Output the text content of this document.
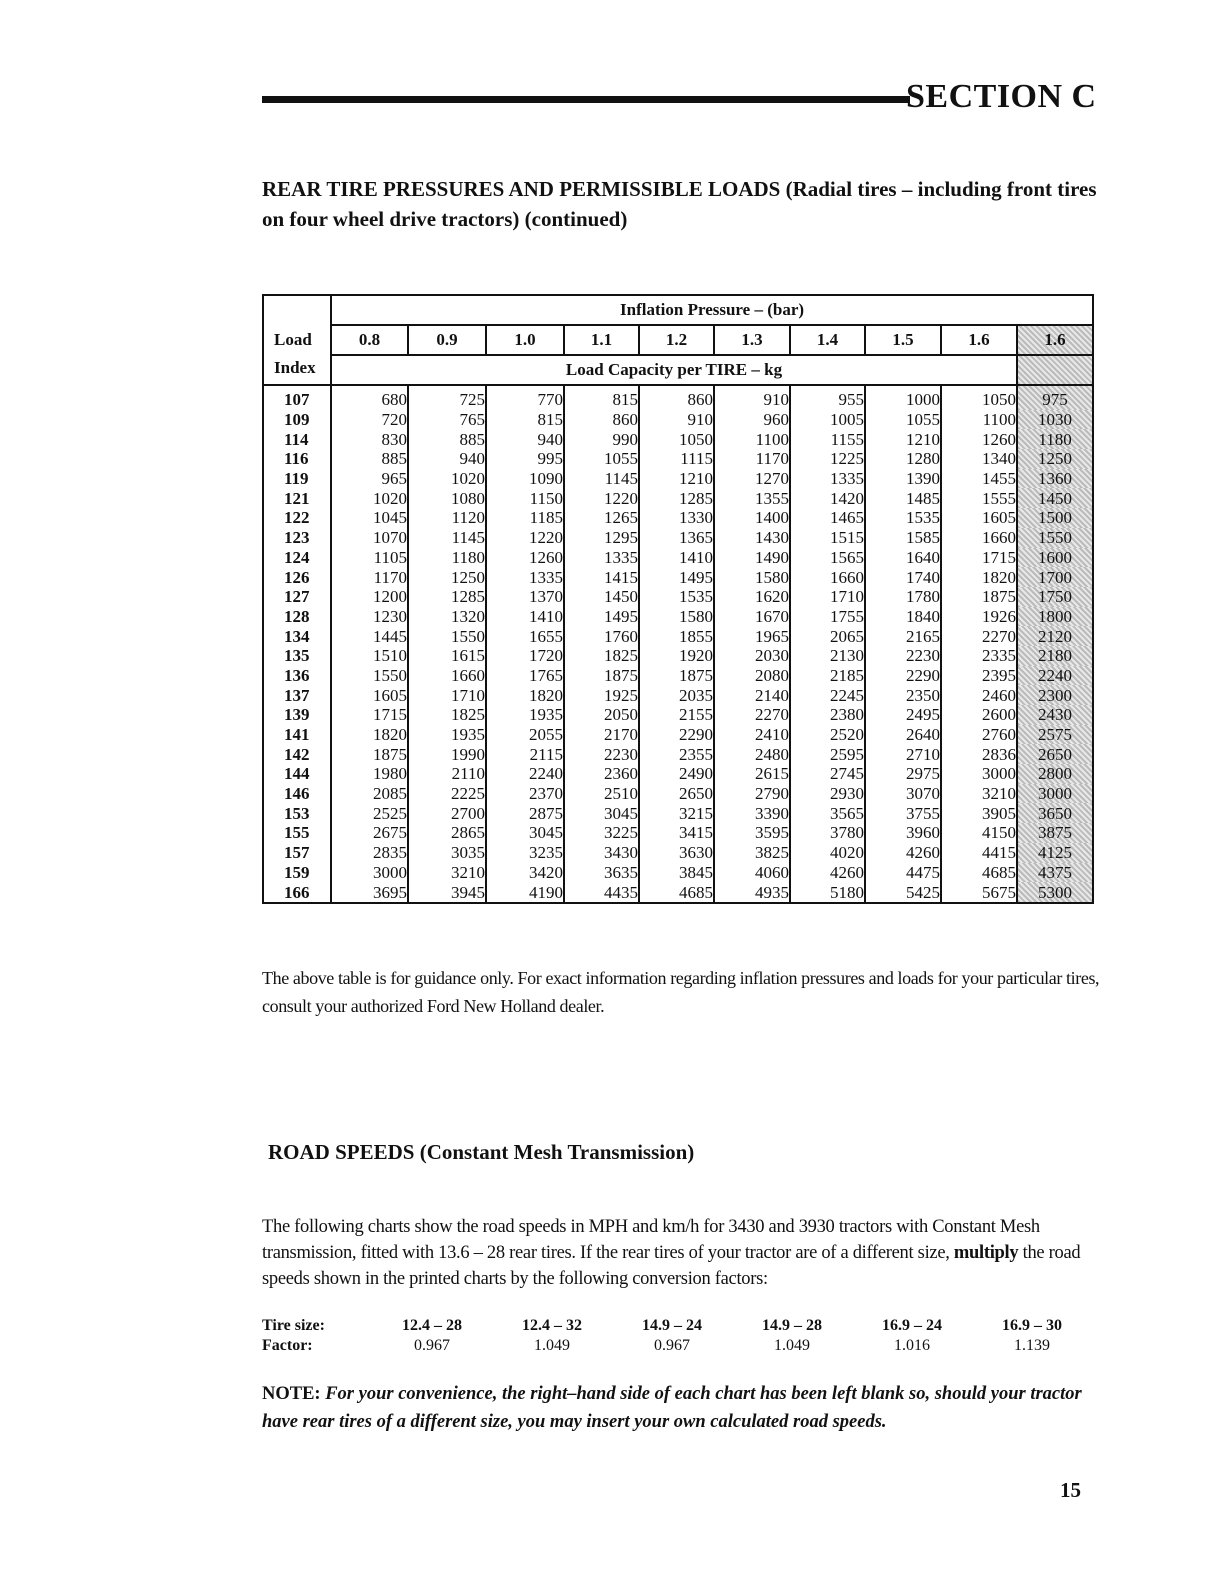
SECTION C
REAR TIRE PRESSURES AND PERMISSIBLE LOADS (Radial tires – including front tires on four wheel drive tractors) (continued)
Load
Index	Inflation Pressure – (bar)									
	0.8	0.9	1.0	1.1	1.2	1.3	1.4	1.5	1.6	1.6
	Load Capacity per TIRE – kg									
107	680	725	770	815	860	910	955	1000	1050	975
109	720	765	815	860	910	960	1005	1055	1100	1030
114	830	885	940	990	1050	1100	1155	1210	1260	1180
116	885	940	995	1055	1115	1170	1225	1280	1340	1250
119	965	1020	1090	1145	1210	1270	1335	1390	1455	1360
121	1020	1080	1150	1220	1285	1355	1420	1485	1555	1450
122	1045	1120	1185	1265	1330	1400	1465	1535	1605	1500
123	1070	1145	1220	1295	1365	1430	1515	1585	1660	1550
124	1105	1180	1260	1335	1410	1490	1565	1640	1715	1600
126	1170	1250	1335	1415	1495	1580	1660	1740	1820	1700
127	1200	1285	1370	1450	1535	1620	1710	1780	1875	1750
128	1230	1320	1410	1495	1580	1670	1755	1840	1926	1800
134	1445	1550	1655	1760	1855	1965	2065	2165	2270	2120
135	1510	1615	1720	1825	1920	2030	2130	2230	2335	2180
136	1550	1660	1765	1875	1875	2080	2185	2290	2395	2240
137	1605	1710	1820	1925	2035	2140	2245	2350	2460	2300
139	1715	1825	1935	2050	2155	2270	2380	2495	2600	2430
141	1820	1935	2055	2170	2290	2410	2520	2640	2760	2575
142	1875	1990	2115	2230	2355	2480	2595	2710	2836	2650
144	1980	2110	2240	2360	2490	2615	2745	2975	3000	2800
146	2085	2225	2370	2510	2650	2790	2930	3070	3210	3000
153	2525	2700	2875	3045	3215	3390	3565	3755	3905	3650
155	2675	2865	3045	3225	3415	3595	3780	3960	4150	3875
157	2835	3035	3235	3430	3630	3825	4020	4260	4415	4125
159	3000	3210	3420	3635	3845	4060	4260	4475	4685	4375
166	3695	3945	4190	4435	4685	4935	5180	5425	5675	5300
The above table is for guidance only. For exact information regarding inflation pressures and loads for your particular tires, consult your authorized Ford New Holland dealer.
ROAD SPEEDS (Constant Mesh Transmission)
The following charts show the road speeds in MPH and km/h for 3430 and 3930 tractors with Constant Mesh transmission, fitted with 13.6 – 28 rear tires. If the rear tires of your tractor are of a different size, multiply the road speeds shown in the printed charts by the following conversion factors:
Tire size:	12.4 – 28	12.4 – 32	14.9 – 24	14.9 – 28	16.9 – 24	16.9 – 30
Factor:	0.967	1.049	0.967	1.049	1.016	1.139
NOTE: For your convenience, the right–hand side of each chart has been left blank so, should your tractor have rear tires of a different size, you may insert your own calculated road speeds.
15
